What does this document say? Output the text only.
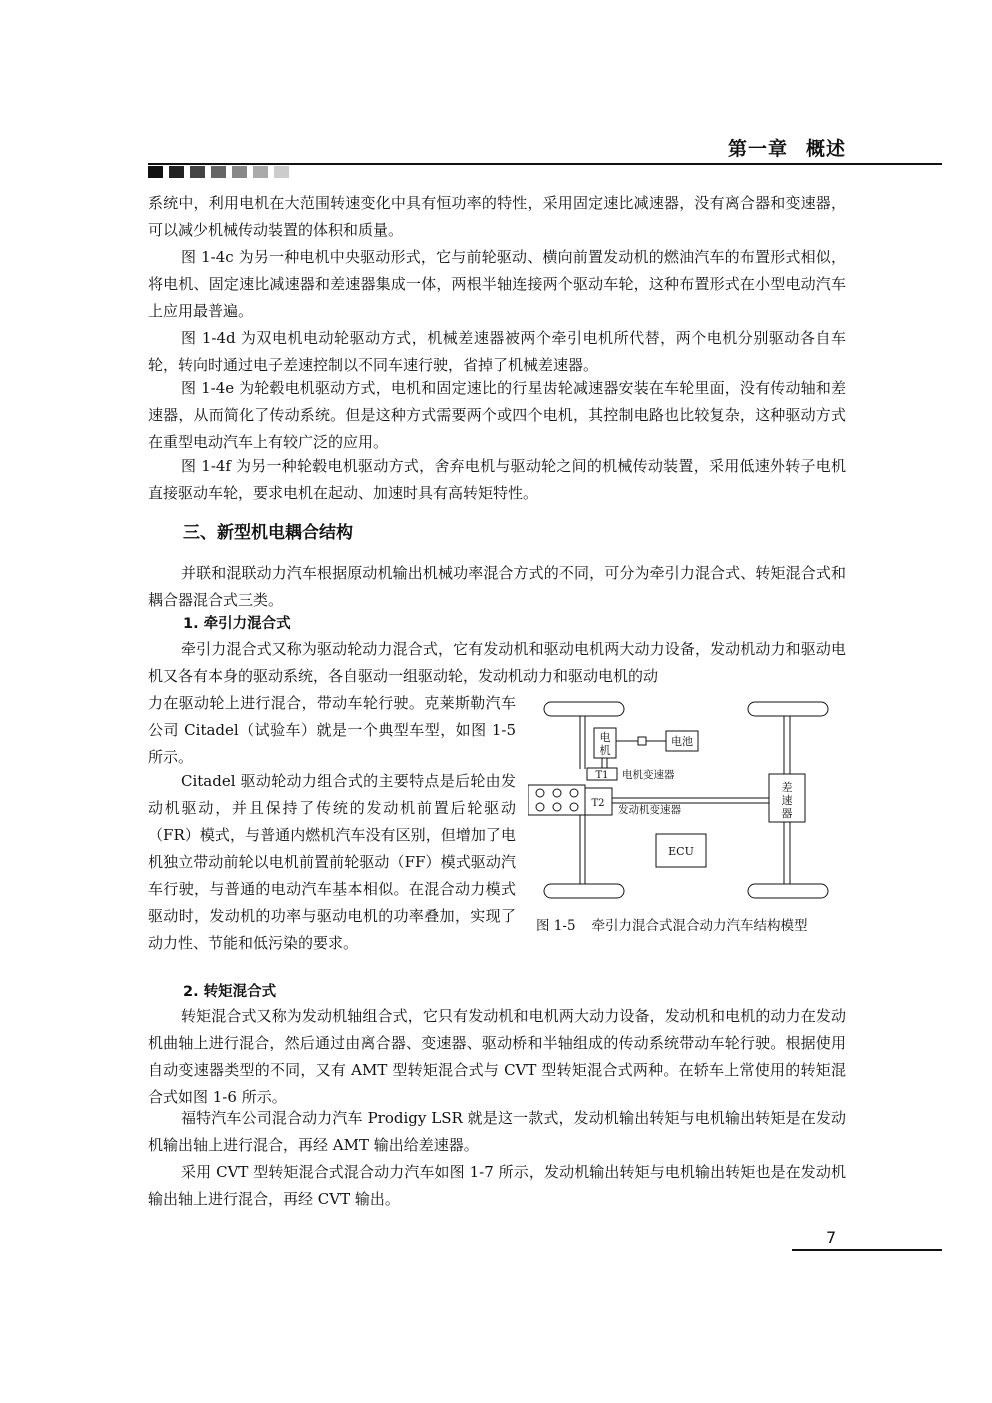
第一章 概述

系统中，利用电机在大范围转速变化中具有恒功率的特性，采用固定速比减速器，没有离合器和变速器，可以减少机械传动装置的体积和质量。

图 1-4c 为另一种电机中央驱动形式，它与前轮驱动、横向前置发动机的燃油汽车的布置形式相似，将电机、固定速比减速器和差速器集成一体，两根半轴连接两个驱动车轮，这种布置形式在小型电动汽车上应用最普遍。

图 1-4d 为双电机电动轮驱动方式，机械差速器被两个牵引电机所代替，两个电机分别驱动各自车轮，转向时通过电子差速控制以不同车速行驶，省掉了机械差速器。

图 1-4e 为轮毂电机驱动方式，电机和固定速比的行星齿轮减速器安装在车轮里面，没有传动轴和差速器，从而简化了传动系统。但是这种方式需要两个或四个电机，其控制电路也比较复杂，这种驱动方式在重型电动汽车上有较广泛的应用。

图 1-4f 为另一种轮毂电机驱动方式，舍弃电机与驱动轮之间的机械传动装置，采用低速外转子电机直接驱动车轮，要求电机在起动、加速时具有高转矩特性。

三、新型机电耦合结构

并联和混联动力汽车根据原动机输出机械功率混合方式的不同，可分为牵引力混合式、转矩混合式和耦合器混合式三类。

1. 牵引力混合式

牵引力混合式又称为驱动轮动力混合式，它有发动机和驱动电机两大动力设备，发动机动力和驱动电机又各有本身的驱动系统，各自驱动一组驱动轮，发动机动力和驱动电机的动

力在驱动轮上进行混合，带动车轮行驶。克莱斯勒汽车公司 Citadel（试验车）就是一个典型车型，如图 1-5 所示。

Citadel 驱动轮动力组合式的主要特点是后轮由发动机驱动，并且保持了传统的发动机前置后轮驱动（FR）模式，与普通内燃机汽车没有区别，但增加了电机独立带动前轮以电机前置前轮驱动（FF）模式驱动汽车行驶，与普通的电动汽车基本相似。在混合动力模式驱动时，发动机的功率与驱动电机的功率叠加，实现了动力性、节能和低污染的要求。

电机
电池
T1 电机变速器
T2
发动机变速器
差速器
ECU

图 1-5 牵引力混合式混合动力汽车结构模型

2. 转矩混合式

转矩混合式又称为发动机轴组合式，它只有发动机和电机两大动力设备，发动机和电机的动力在发动机曲轴上进行混合，然后通过由离合器、变速器、驱动桥和半轴组成的传动系统带动车轮行驶。根据使用自动变速器类型的不同，又有 AMT 型转矩混合式与 CVT 型转矩混合式两种。在轿车上常使用的转矩混合式如图 1-6 所示。

福特汽车公司混合动力汽车 Prodigy LSR 就是这一款式，发动机输出转矩与电机输出转矩是在发动机输出轴上进行混合，再经 AMT 输出给差速器。

采用 CVT 型转矩混合式混合动力汽车如图 1-7 所示，发动机输出转矩与电机输出转矩也是在发动机输出轴上进行混合，再经 CVT 输出。

7
